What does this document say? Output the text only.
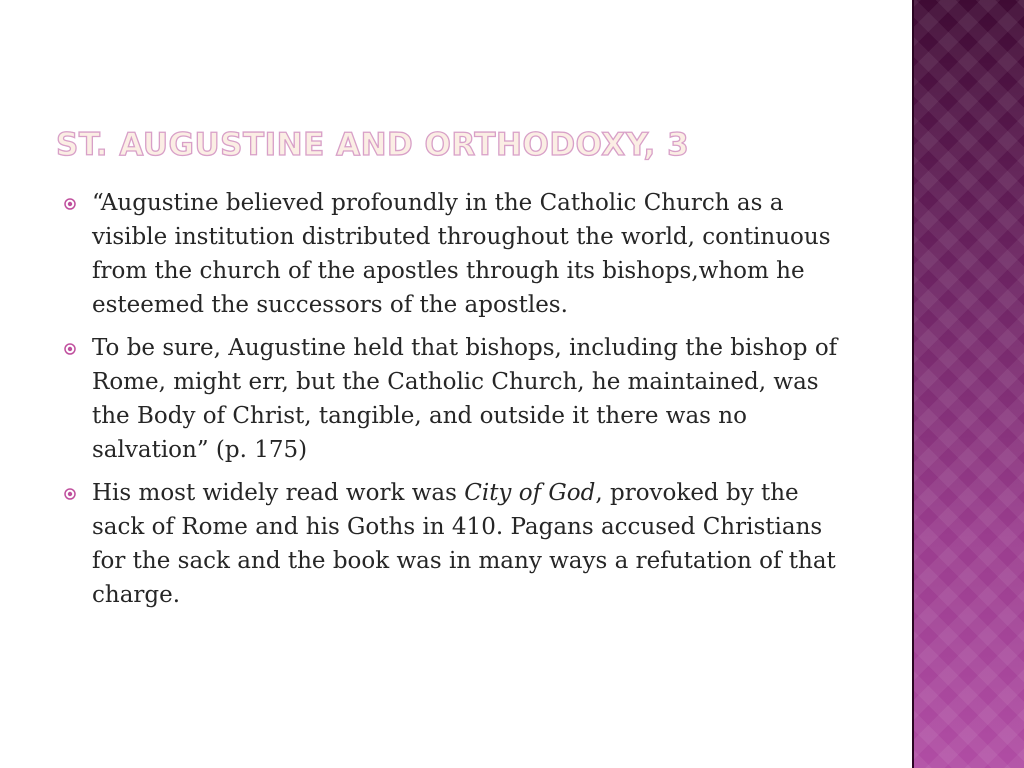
ST. AUGUSTINE AND ORTHODOXY, 3
“Augustine believed profoundly in the Catholic Church as a visible institution distributed throughout the world, continuous from the church of the apostles through its bishops,whom he esteemed the successors of the apostles.
To be sure, Augustine held that bishops, including the bishop of Rome, might err, but the Catholic Church, he maintained, was the Body of Christ, tangible, and outside it there was no salvation” (p. 175)
His most widely read work was City of God, provoked by the sack of Rome and his Goths in 410. Pagans accused Christians for the sack and the book was in many ways a refutation of that charge.
